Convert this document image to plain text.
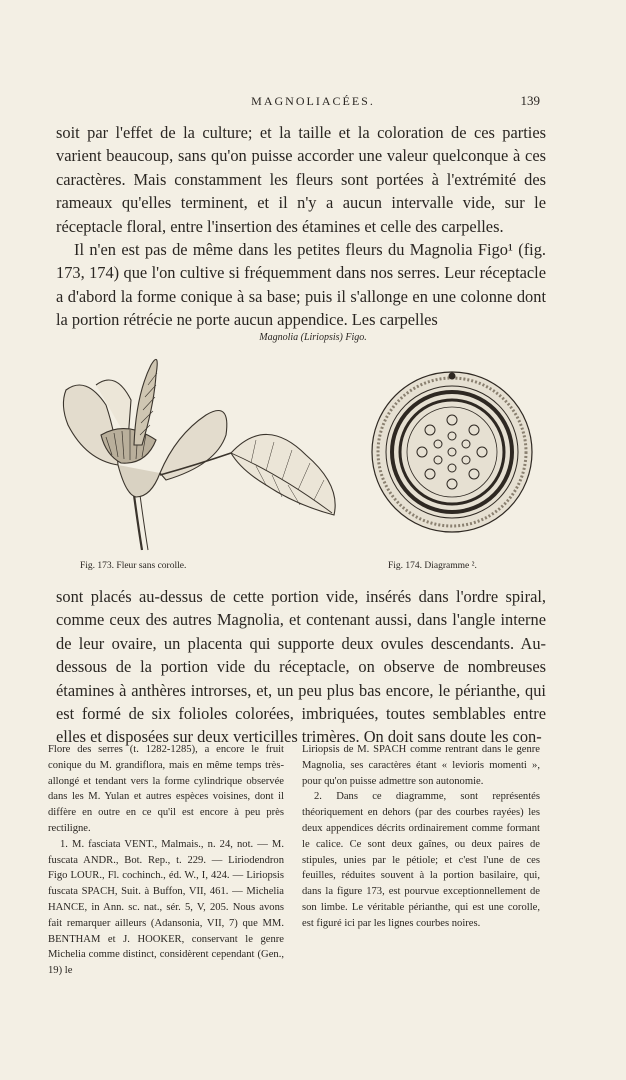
MAGNOLIACÉES.	139

soit par l'effet de la culture; et la taille et la coloration de ces parties varient beaucoup, sans qu'on puisse accorder une valeur quelconque à ces caractères. Mais constamment les fleurs sont portées à l'extrémité des rameaux qu'elles terminent, et il n'y a aucun intervalle vide, sur le réceptacle floral, entre l'insertion des étamines et celle des carpelles.

Il n'en est pas de même dans les petites fleurs du Magnolia Figo¹ (fig. 173, 174) que l'on cultive si fréquemment dans nos serres. Leur réceptacle a d'abord la forme conique à sa base; puis il s'allonge en une colonne dont la portion rétrécie ne porte aucun appendice. Les carpelles

Magnolia (Liriopsis) Figo.
Fig. 173. Fleur sans corolle.	Fig. 174. Diagramme ².

sont placés au-dessus de cette portion vide, insérés dans l'ordre spiral, comme ceux des autres Magnolia, et contenant aussi, dans l'angle interne de leur ovaire, un placenta qui supporte deux ovules descendants. Au-dessous de la portion vide du réceptacle, on observe de nombreuses étamines à anthères introrses, et, un peu plus bas encore, le périanthe, qui est formé de six folioles colorées, imbriquées, toutes semblables entre elles et disposées sur deux verticilles trimères. On doit sans doute les con-

Flore des serres (t. 1282-1285), a encore le fruit conique du M. grandiflora, mais en même temps très-allongé et tendant vers la forme cylindrique observée dans les M. Yulan et autres espèces voisines, dont il diffère en outre en ce qu'il est encore à peu près rectiligne.

1. M. fasciata VENT., Malmais., n. 24, not. — M. fuscata ANDR., Bot. Rep., t. 229. — Liriodendron Figo LOUR., Fl. cochinch., éd. W., I, 424. — Liriopsis fuscata SPACH, Suit. à Buffon, VII, 461. — Michelia HANCE, in Ann. sc. nat., sér. 5, V, 205. Nous avons fait remarquer ailleurs (Adansonia, VII, 7) que MM. BENTHAM et J. HOOKER, conservant le genre Michelia comme distinct, considèrent cependant (Gen., 19) le

Liriopsis de M. SPACH comme rentrant dans le genre Magnolia, ses caractères étant « levioris momenti », pour qu'on puisse admettre son autonomie.

2. Dans ce diagramme, sont représentés théoriquement en dehors (par des courbes rayées) les deux appendices décrits ordinairement comme formant le calice. Ce sont deux gaînes, ou deux paires de stipules, unies par le pétiole; et c'est l'une de ces feuilles, réduites souvent à la portion basilaire, qui, dans la figure 173, est pourvue exceptionnellement de son limbe. Le véritable périanthe, qui est une corolle, est figuré ici par les lignes courbes noires.
